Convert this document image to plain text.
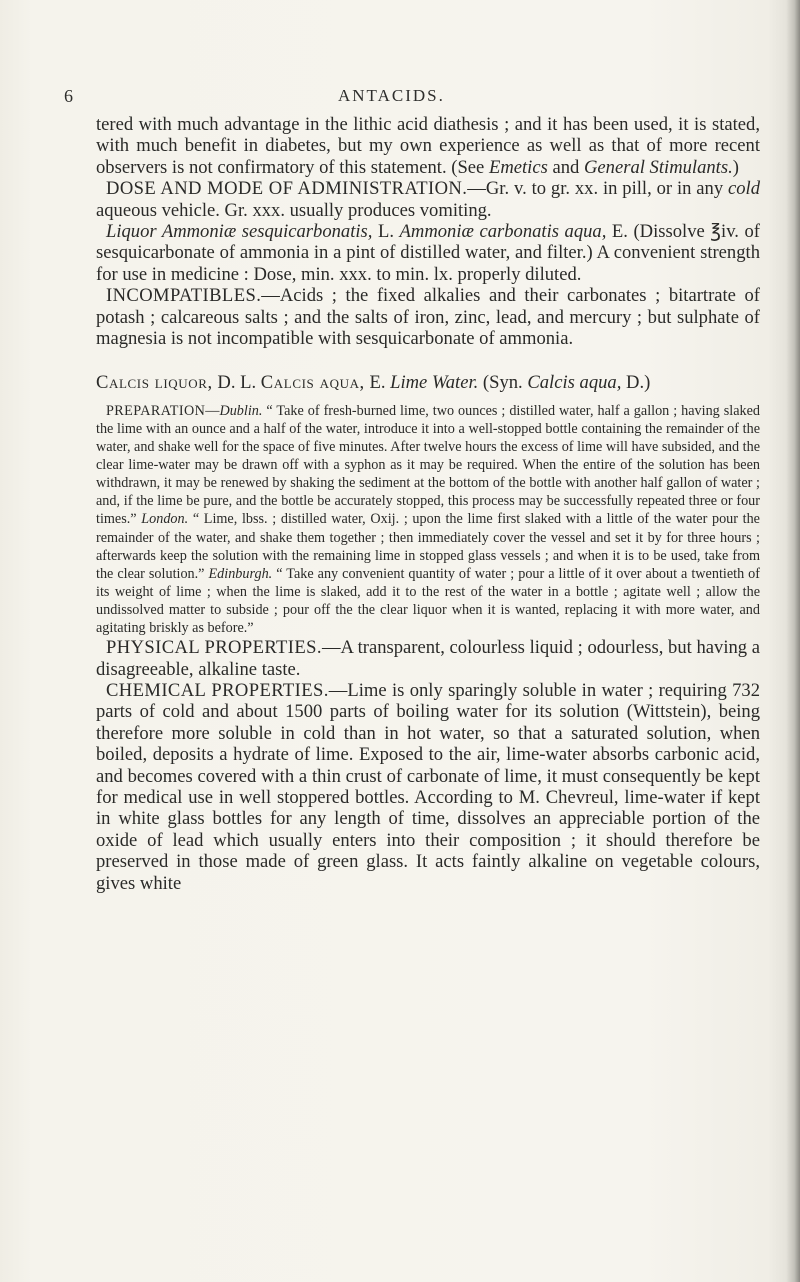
6	ANTACIDS.

tered with much advantage in the lithic acid diathesis ; and it has been used, it is stated, with much benefit in diabetes, but my own experience as well as that of more recent observers is not confirmatory of this statement. (See Emetics and General Stimulants.)

DOSE AND MODE OF ADMINISTRATION.—Gr. v. to gr. xx. in pill, or in any cold aqueous vehicle. Gr. xxx. usually produces vomiting.

Liquor Ammoniæ sesquicarbonatis, L. Ammoniæ carbonatis aqua, E. (Dissolve ℥iv. of sesquicarbonate of ammonia in a pint of distilled water, and filter.) A convenient strength for use in medicine : Dose, min. xxx. to min. lx. properly diluted.

INCOMPATIBLES.—Acids ; the fixed alkalies and their carbonates ; bitartrate of potash ; calcareous salts ; and the salts of iron, zinc, lead, and mercury ; but sulphate of magnesia is not incompatible with sesquicarbonate of ammonia.

Calcis liquor, D. L. Calcis aqua, E. Lime Water. (Syn. Calcis aqua, D.)

PREPARATION—Dublin. “ Take of fresh-burned lime, two ounces ; distilled water, half a gallon ; having slaked the lime with an ounce and a half of the water, introduce it into a well-stopped bottle containing the remainder of the water, and shake well for the space of five minutes. After twelve hours the excess of lime will have subsided, and the clear lime-water may be drawn off with a syphon as it may be required. When the entire of the solution has been withdrawn, it may be renewed by shaking the sediment at the bottom of the bottle with another half gallon of water ; and, if the lime be pure, and the bottle be accurately stopped, this process may be successfully repeated three or four times.” London. “ Lime, lbss. ; distilled water, Oxij. ; upon the lime first slaked with a little of the water pour the remainder of the water, and shake them together ; then immediately cover the vessel and set it by for three hours ; afterwards keep the solution with the remaining lime in stopped glass vessels ; and when it is to be used, take from the clear solution.” Edinburgh. “ Take any convenient quantity of water ; pour a little of it over about a twentieth of its weight of lime ; when the lime is slaked, add it to the rest of the water in a bottle ; agitate well ; allow the undissolved matter to subside ; pour off the the clear liquor when it is wanted, replacing it with more water, and agitating briskly as before.”

PHYSICAL PROPERTIES.—A transparent, colourless liquid ; odourless, but having a disagreeable, alkaline taste.

CHEMICAL PROPERTIES.—Lime is only sparingly soluble in water ; requiring 732 parts of cold and about 1500 parts of boiling water for its solution (Wittstein), being therefore more soluble in cold than in hot water, so that a saturated solution, when boiled, deposits a hydrate of lime. Exposed to the air, lime-water absorbs carbonic acid, and becomes covered with a thin crust of carbonate of lime, it must consequently be kept for medical use in well stoppered bottles. According to M. Chevreul, lime-water if kept in white glass bottles for any length of time, dissolves an appreciable portion of the oxide of lead which usually enters into their composition ; it should therefore be preserved in those made of green glass. It acts faintly alkaline on vegetable colours, gives white
